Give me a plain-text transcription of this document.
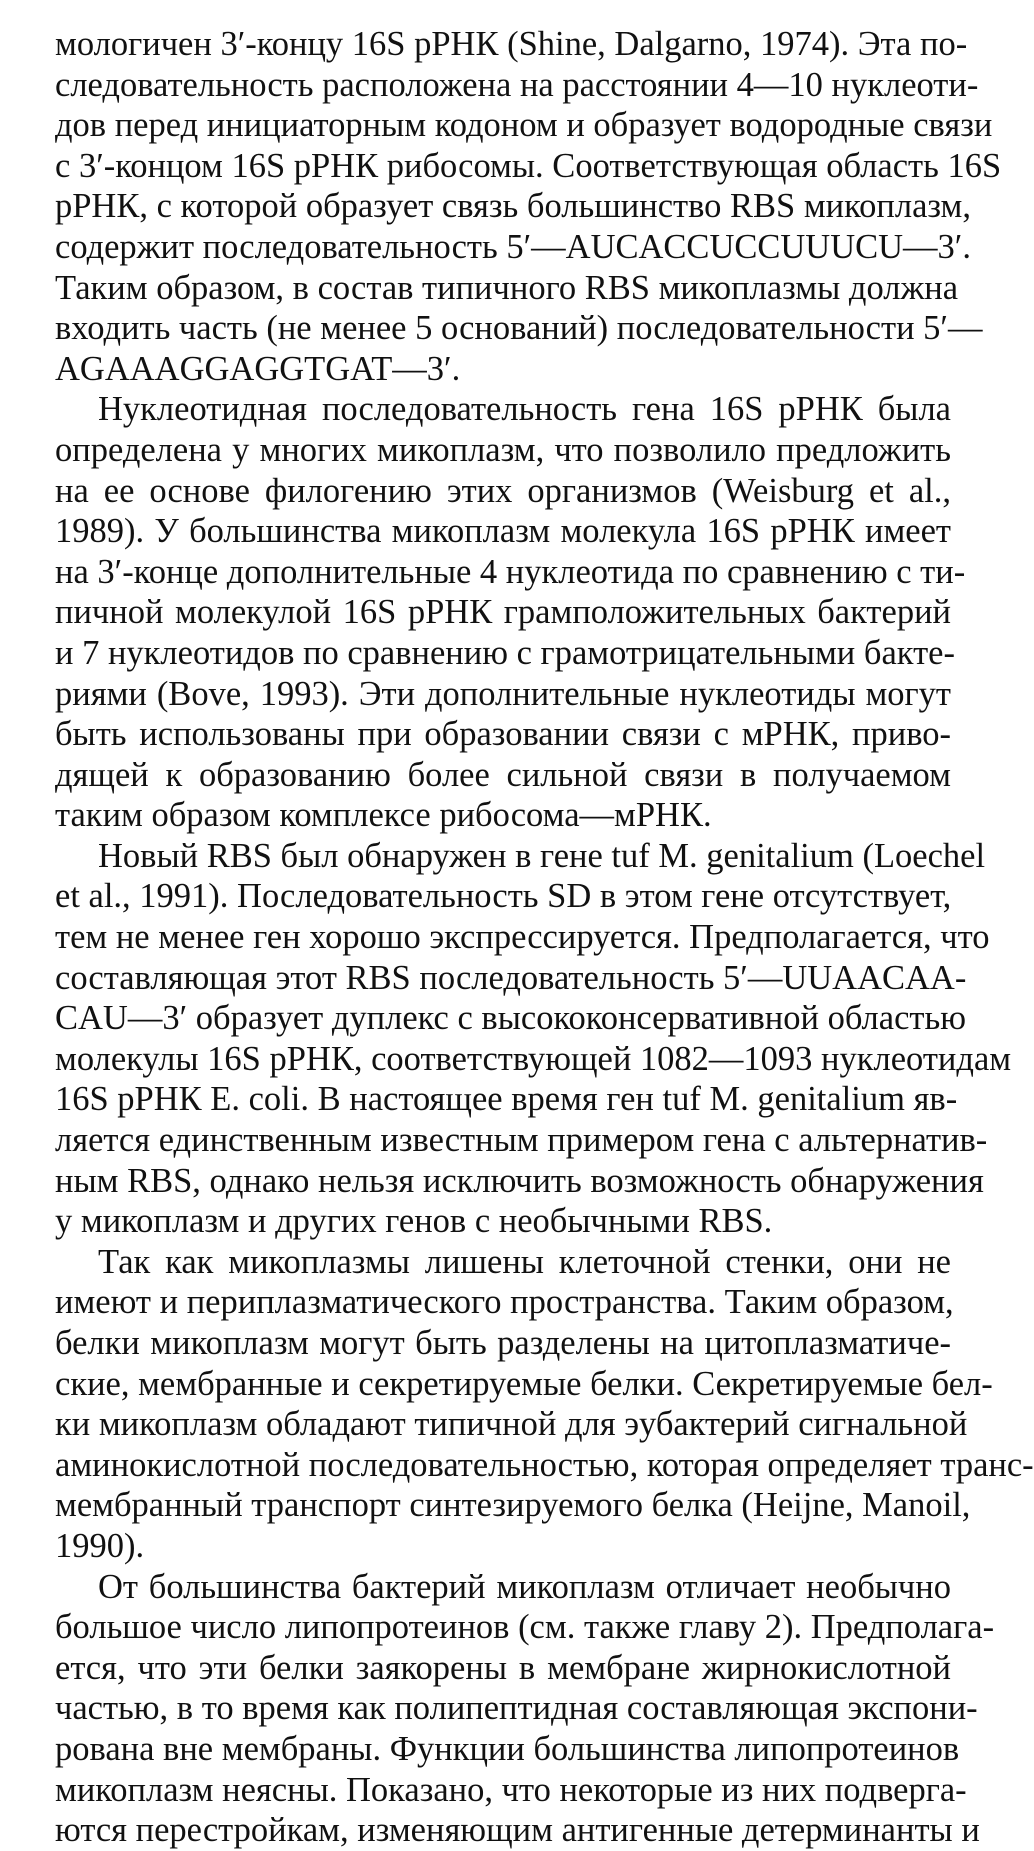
мологичен 3′-концу 16S рРНК (Shine, Dalgarno, 1974). Эта по-
следовательность расположена на расстоянии 4—10 нуклеоти-
дов перед инициаторным кодоном и образует водородные связи
с 3′-концом 16S рРНК рибосомы. Соответствующая область 16S
рРНК, с которой образует связь большинство RBS микоплазм,
содержит последовательность 5′—AUCACCUCCUUUCU—3′.
Таким образом, в состав типичного RBS микоплазмы должна
входить часть (не менее 5 оснований) последовательности 5′—
AGAAAGGAGGTGAT—3′.

Нуклеотидная последовательность гена 16S рРНК была
определена у многих микоплазм, что позволило предложить
на ее основе филогению этих организмов (Weisburg et al.,
1989). У большинства микоплазм молекула 16S рРНК имеет
на 3′-конце дополнительные 4 нуклеотида по сравнению с ти-
пичной молекулой 16S рРНК грамположительных бактерий
и 7 нуклеотидов по сравнению с грамотрицательными бакте-
риями (Bove, 1993). Эти дополнительные нуклеотиды могут
быть использованы при образовании связи с мРНК, приво-
дящей к образованию более сильной связи в получаемом
таким образом комплексе рибосома—мРНК.

Новый RBS был обнаружен в гене tuf M. genitalium (Loechel
et al., 1991). Последовательность SD в этом гене отсутствует,
тем не менее ген хорошо экспрессируется. Предполагается, что
составляющая этот RBS последовательность 5′—UUAACAA-
CAU—3′ образует дуплекс с высококонсервативной областью
молекулы 16S рРНК, соответствующей 1082—1093 нуклеотидам
16S рРНК E. coli. В настоящее время ген tuf M. genitalium яв-
ляется единственным известным примером гена с альтернатив-
ным RBS, однако нельзя исключить возможность обнаружения
у микоплазм и других генов с необычными RBS.

Так как микоплазмы лишены клеточной стенки, они не
имеют и периплазматического пространства. Таким образом,
белки микоплазм могут быть разделены на цитоплазматиче-
ские, мембранные и секретируемые белки. Секретируемые бел-
ки микоплазм обладают типичной для эубактерий сигнальной
аминокислотной последовательностью, которая определяет транс-
мембранный транспорт синтезируемого белка (Heijne, Manoil,
1990).

От большинства бактерий микоплазм отличает необычно
большое число липопротеинов (см. также главу 2). Предполага-
ется, что эти белки заякорены в мембране жирнокислотной
частью, в то время как полипептидная составляющая экспони-
рована вне мембраны. Функции большинства липопротеинов
микоплазм неясны. Показано, что некоторые из них подверга-
ются перестройкам, изменяющим антигенные детерминанты и
